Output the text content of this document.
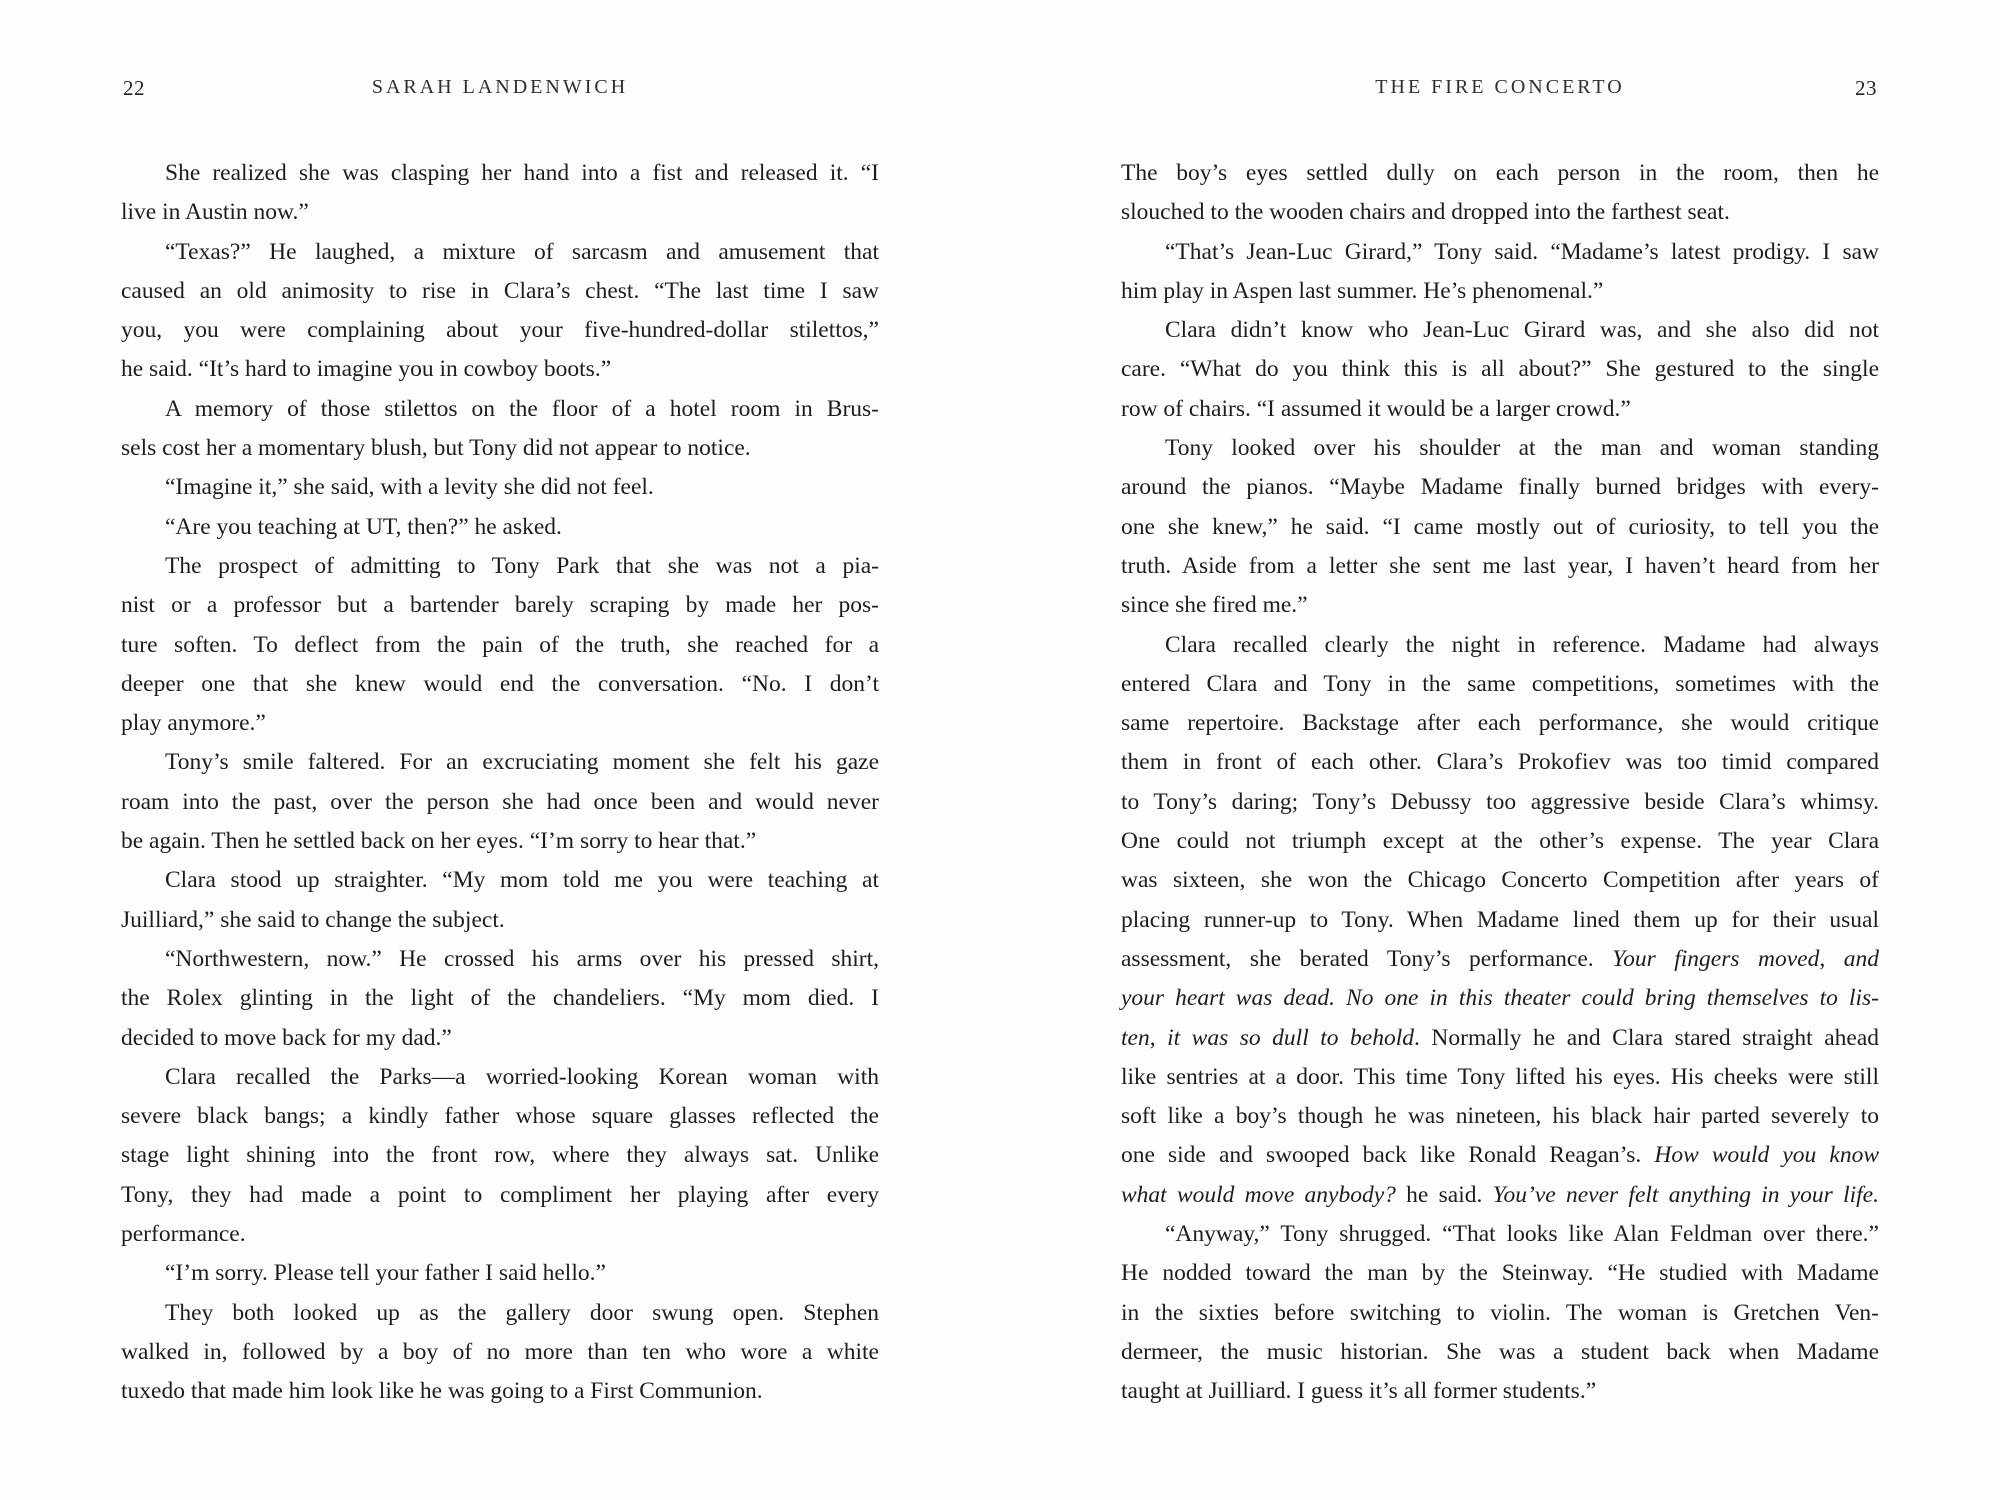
22	SARAH LANDENWICH
She realized she was clasping her hand into a fist and released it. “I
live in Austin now.”
“Texas?” He laughed, a mixture of sarcasm and amusement that
caused an old animosity to rise in Clara’s chest. “The last time I saw
you, you were complaining about your five-hundred-dollar stilettos,”
he said. “It’s hard to imagine you in cowboy boots.”
A memory of those stilettos on the floor of a hotel room in Brus-
sels cost her a momentary blush, but Tony did not appear to notice.
“Imagine it,” she said, with a levity she did not feel.
“Are you teaching at UT, then?” he asked.
The prospect of admitting to Tony Park that she was not a pia-
nist or a professor but a bartender barely scraping by made her pos-
ture soften. To deflect from the pain of the truth, she reached for a
deeper one that she knew would end the conversation. “No. I don’t
play anymore.”
Tony’s smile faltered. For an excruciating moment she felt his gaze
roam into the past, over the person she had once been and would never
be again. Then he settled back on her eyes. “I’m sorry to hear that.”
Clara stood up straighter. “My mom told me you were teaching at
Juilliard,” she said to change the subject.
“Northwestern, now.” He crossed his arms over his pressed shirt,
the Rolex glinting in the light of the chandeliers. “My mom died. I
decided to move back for my dad.”
Clara recalled the Parks—a worried-looking Korean woman with
severe black bangs; a kindly father whose square glasses reflected the
stage light shining into the front row, where they always sat. Unlike
Tony, they had made a point to compliment her playing after every
performance.
“I’m sorry. Please tell your father I said hello.”
They both looked up as the gallery door swung open. Stephen
walked in, followed by a boy of no more than ten who wore a white
tuxedo that made him look like he was going to a First Communion.
THE FIRE CONCERTO	23
The boy’s eyes settled dully on each person in the room, then he
slouched to the wooden chairs and dropped into the farthest seat.
“That’s Jean-Luc Girard,” Tony said. “Madame’s latest prodigy. I saw
him play in Aspen last summer. He’s phenomenal.”
Clara didn’t know who Jean-Luc Girard was, and she also did not
care. “What do you think this is all about?” She gestured to the single
row of chairs. “I assumed it would be a larger crowd.”
Tony looked over his shoulder at the man and woman standing
around the pianos. “Maybe Madame finally burned bridges with every-
one she knew,” he said. “I came mostly out of curiosity, to tell you the
truth. Aside from a letter she sent me last year, I haven’t heard from her
since she fired me.”
Clara recalled clearly the night in reference. Madame had always
entered Clara and Tony in the same competitions, sometimes with the
same repertoire. Backstage after each performance, she would critique
them in front of each other. Clara’s Prokofiev was too timid compared
to Tony’s daring; Tony’s Debussy too aggressive beside Clara’s whimsy.
One could not triumph except at the other’s expense. The year Clara
was sixteen, she won the Chicago Concerto Competition after years of
placing runner-up to Tony. When Madame lined them up for their usual
assessment, she berated Tony’s performance. Your fingers moved, and
your heart was dead. No one in this theater could bring themselves to lis-
ten, it was so dull to behold. Normally he and Clara stared straight ahead
like sentries at a door. This time Tony lifted his eyes. His cheeks were still
soft like a boy’s though he was nineteen, his black hair parted severely to
one side and swooped back like Ronald Reagan’s. How would you know
what would move anybody? he said. You’ve never felt anything in your life.
“Anyway,” Tony shrugged. “That looks like Alan Feldman over there.”
He nodded toward the man by the Steinway. “He studied with Madame
in the sixties before switching to violin. The woman is Gretchen Ven-
dermeer, the music historian. She was a student back when Madame
taught at Juilliard. I guess it’s all former students.”
